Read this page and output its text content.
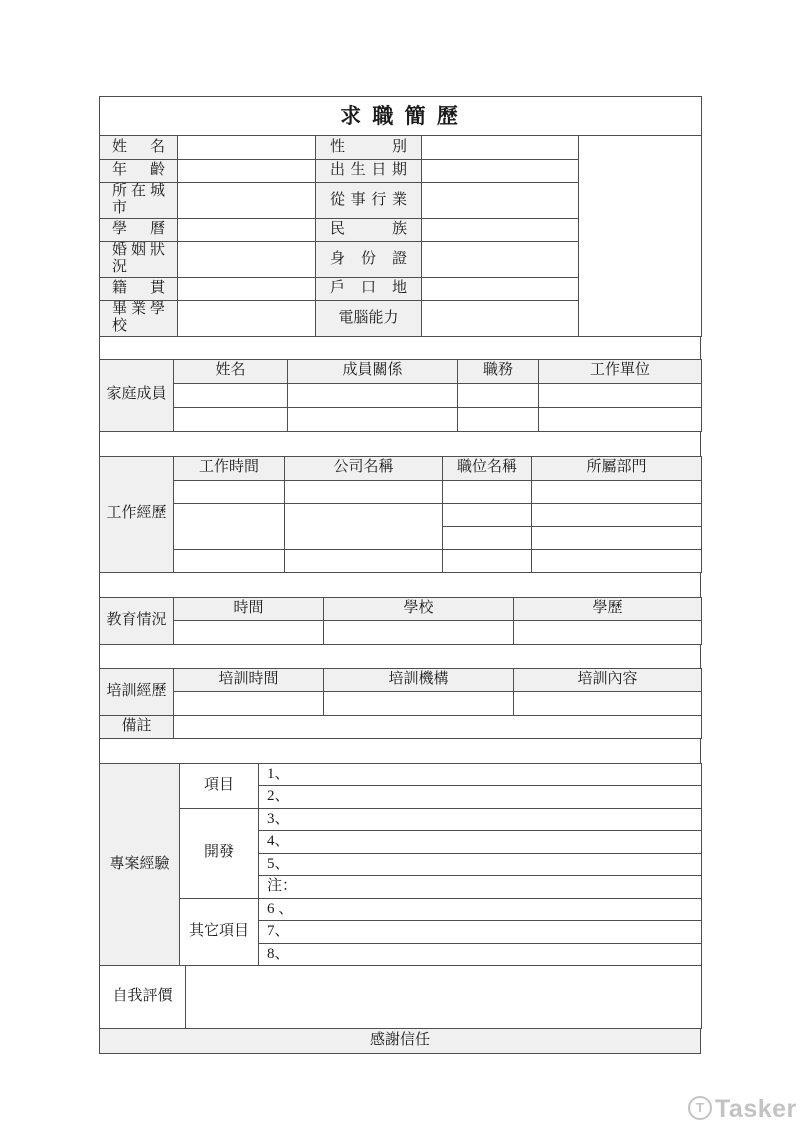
求 職 簡 歷				
姓名		性別		
年齡		出生日期		
所在城市		從事行業		
學曆		民族		
婚姻狀況		身份證		
籍貫		戶口地		
畢業學校		電腦能力		
家庭成員	姓名	成員關係	職務	工作單位

工作經歷	工作時間	公司名稱	職位名稱	所屬部門

教育情況	時間	學校	學歷

培訓經歷	培訓時間	培訓機構	培訓內容

備註			
專案經驗	項目	1、
		2、
	開發	3、
		4、
		5、
		注：
	其它項目	6 、
		7、
		8、
自我評價	
感謝信任
T Tasker
